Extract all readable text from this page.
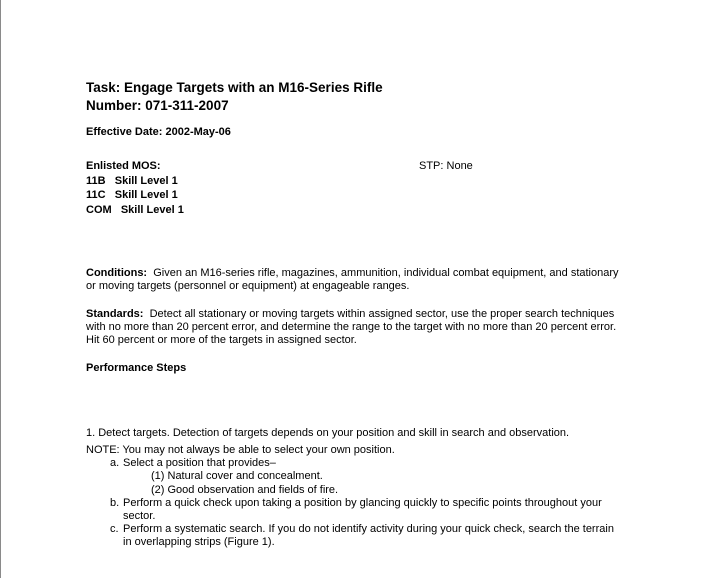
Task: Engage Targets with an M16-Series Rifle
Number: 071-311-2007
Effective Date: 2002-May-06
Enlisted MOS:
11B   Skill Level 1
11C   Skill Level 1
COM   Skill Level 1
STP: None
Conditions: Given an M16-series rifle, magazines, ammunition, individual combat equipment, and stationary or moving targets (personnel or equipment) at engageable ranges.
Standards: Detect all stationary or moving targets within assigned sector, use the proper search techniques with no more than 20 percent error, and determine the range to the target with no more than 20 percent error. Hit 60 percent or more of the targets in assigned sector.
Performance Steps
1. Detect targets. Detection of targets depends on your position and skill in search and observation.
NOTE: You may not always be able to select your own position.
a. Select a position that provides–
(1) Natural cover and concealment.
(2) Good observation and fields of fire.
b. Perform a quick check upon taking a position by glancing quickly to specific points throughout your sector.
c. Perform a systematic search. If you do not identify activity during your quick check, search the terrain in overlapping strips (Figure 1).
